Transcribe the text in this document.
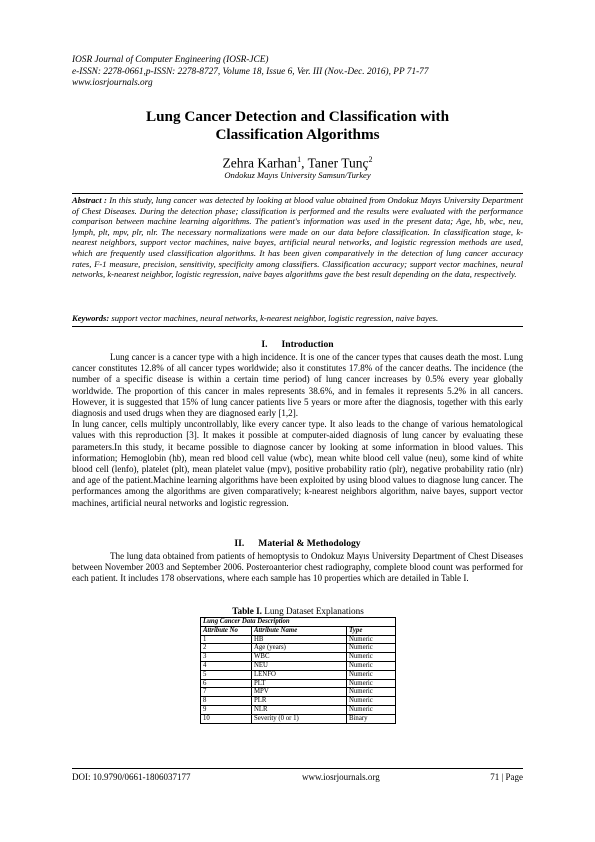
IOSR Journal of Computer Engineering (IOSR-JCE)
e-ISSN: 2278-0661,p-ISSN: 2278-8727, Volume 18, Issue 6, Ver. III (Nov.-Dec. 2016), PP 71-77
www.iosrjournals.org
Lung Cancer Detection and Classification with
Classification Algorithms
Zehra Karhan$^1$, Taner Tunç$^2$
Ondokuz Mayıs University Samsun/Turkey
Abstract : In this study, lung cancer was detected by looking at blood value obtained from Ondokuz Mayıs University Department of Chest Diseases. During the detection phase; classification is performed and the results were evaluated with the performance comparison between machine learning algorithms. The patient's information was used in the present data; Age, hb, wbc, neu, lymph, plt, mpv, plr, nlr. The necessary normalizations were made on our data before classification. In classification stage, k-nearest neighbors, support vector machines, naive bayes, artificial neural networks, and logistic regression methods are used, which are frequently used classification algorithms. It has been given comparatively in the detection of lung cancer accuracy rates, F-1 measure, precision, sensitivity, specificity among classifiers. Classification accuracy; support vector machines, neural networks, k-nearest neighbor, logistic regression, naive bayes algorithms gave the best result depending on the data, respectively.
Keywords: support vector machines, neural networks, k-nearest neighbor, logistic regression, naive bayes.
I. Introduction

Lung cancer is a cancer type with a high incidence. It is one of the cancer types that causes death the most. Lung cancer constitutes 12.8% of all cancer types worldwide; also it constitutes 17.8% of the cancer deaths. The incidence (the number of a specific disease is within a certain time period) of lung cancer increases by 0.5% every year globally worldwide. The proportion of this cancer in males represents 38.6%, and in females it represents 5.2% in all cancers. However, it is suggested that 15% of lung cancer patients live 5 years or more after the diagnosis, together with this early diagnosis and used drugs when they are diagnosed early [1,2].

In lung cancer, cells multiply uncontrollably, like every cancer type. It also leads to the change of various hematological values with this reproduction [3]. It makes it possible at computer-aided diagnosis of lung cancer by evaluating these parameters.In this study, it became possible to diagnose cancer by looking at some information in blood values. This information; Hemoglobin (hb), mean red blood cell value (wbc), mean white blood cell value (neu), some kind of white blood cell (lenfo), platelet (plt), mean platelet value (mpv), positive probability ratio (plr), negative probability ratio (nlr) and age of the patient.Machine learning algorithms have been exploited by using blood values to diagnose lung cancer. The performances among the algorithms are given comparatively; k-nearest neighbors algorithm, naive bayes, support vector machines, artificial neural networks and logistic regression.

II. Material & Methodology

The lung data obtained from patients of hemoptysis to Ondokuz Mayıs University Department of Chest Diseases between November 2003 and September 2006. Posteroanterior chest radiography, complete blood count was performed for each patient. It includes 178 observations, where each sample has 10 properties which are detailed in Table I.

Table I. Lung Dataset Explanations
Lung Cancer Data Description		
Attribute No	Attribute Name	Type
1	HB	Numeric
2	Age (years)	Numeric
3	WBC	Numeric
4	NEU	Numeric
5	LENFO	Numeric
6	PLT	Numeric
7	MPV	Numeric
8	PLR	Numeric
9	NLR	Numeric
10	Severity (0 or 1)	Binary
DOI: 10.9790/0661-1806037177	www.iosrjournals.org	71 | Page
